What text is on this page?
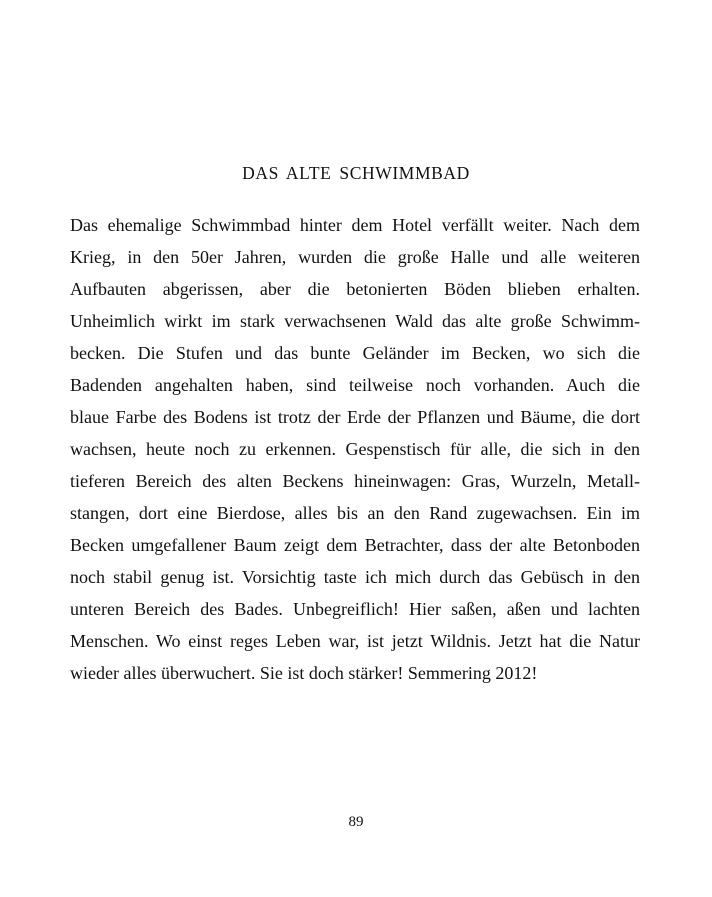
DAS ALTE SCHWIMMBAD
Das ehemalige Schwimmbad hinter dem Hotel verfällt weiter. Nach dem
Krieg, in den 50er Jahren, wurden die große Halle und alle weiteren
Aufbauten abgerissen, aber die betonierten Böden blieben erhalten.
Unheimlich wirkt im stark verwachsenen Wald das alte große Schwimm-
becken. Die Stufen und das bunte Geländer im Becken, wo sich die
Badenden angehalten haben, sind teilweise noch vorhanden. Auch die
blaue Farbe des Bodens ist trotz der Erde der Pflanzen und Bäume, die dort
wachsen, heute noch zu erkennen. Gespenstisch für alle, die sich in den
tieferen Bereich des alten Beckens hineinwagen: Gras, Wurzeln, Metall-
stangen, dort eine Bierdose, alles bis an den Rand zugewachsen. Ein im
Becken umgefallener Baum zeigt dem Betrachter, dass der alte Betonboden
noch stabil genug ist. Vorsichtig taste ich mich durch das Gebüsch in den
unteren Bereich des Bades. Unbegreiflich! Hier saßen, aßen und lachten
Menschen. Wo einst reges Leben war, ist jetzt Wildnis. Jetzt hat die Natur
wieder alles überwuchert. Sie ist doch stärker! Semmering 2012!
89
